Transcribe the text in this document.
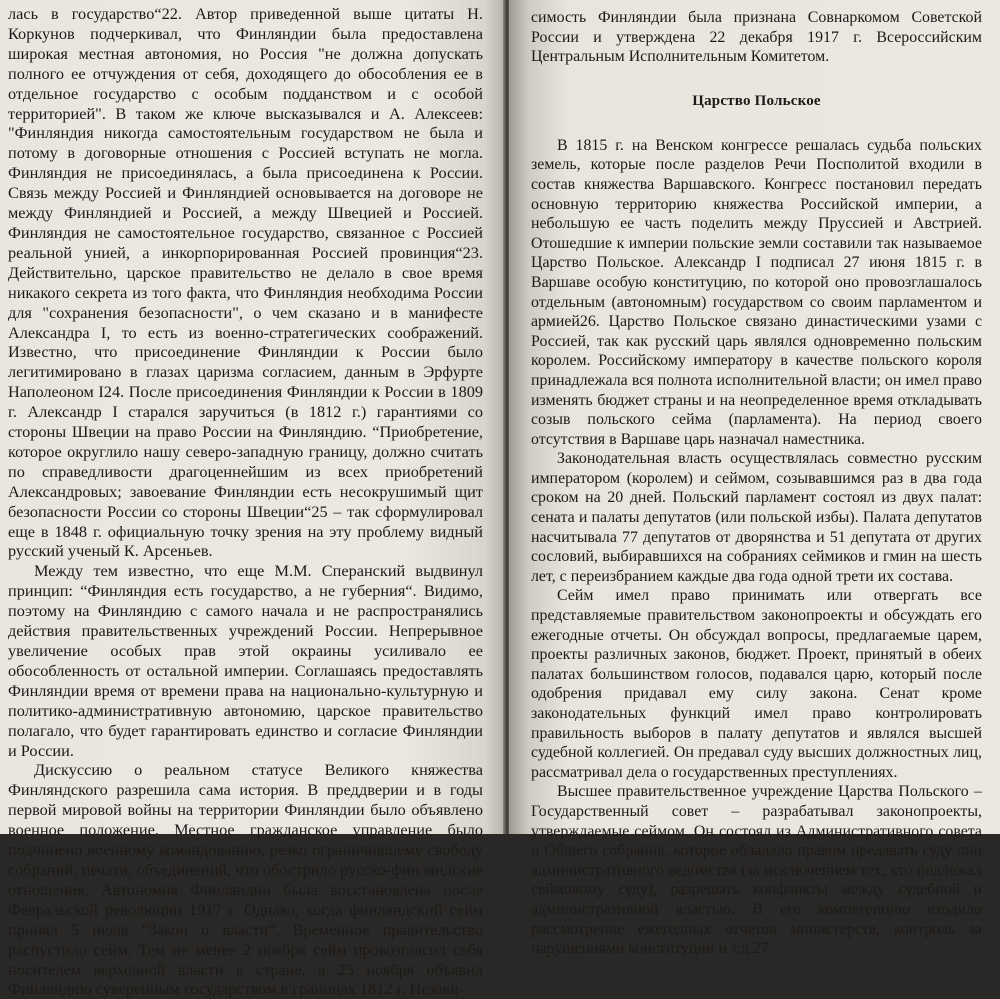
лась в государство“22. Автор приведенной выше цитаты Н. Коркунов подчеркивал, что Финляндии была предоставлена широкая местная автономия, но Россия "не должна допускать полного ее отчуждения от себя, доходящего до обособления ее в отдельное государство с особым подданством и с особой территорией". В таком же ключе высказывался и А. Алексеев: "Финляндия никогда самостоятельным государством не была и потому в договорные отношения с Россией вступать не могла. Финляндия не присоединялась, а была присоединена к России. Связь между Россией и Финляндией основывается на договоре не между Финляндией и Россией, а между Швецией и Россией. Финляндия не самостоятельное государство, связанное с Россией реальной унией, а инкорпорированная Россией провинция“23. Действительно, царское правительство не делало в свое время никакого секрета из того факта, что Финляндия необходима России для "сохранения безопасности", о чем сказано и в манифесте Александра I, то есть из военно-стратегических соображений. Известно, что присоединение Финляндии к России было легитимировано в глазах царизма согласием, данным в Эрфурте Наполеоном I24. После присоединения Финляндии к России в 1809 г. Александр I старался заручиться (в 1812 г.) гарантиями со стороны Швеции на право России на Финляндию. “Приобретение, которое округлило нашу северо-западную границу, должно считать по справедливости драгоценнейшим из всех приобретений Александровых; завоевание Финляндии есть несокрушимый щит безопасности России со стороны Швеции“25 – так сформулировал еще в 1848 г. официальную точку зрения на эту проблему видный русский ученый К. Арсеньев.

Между тем известно, что еще М.М. Сперанский выдвинул принцип: “Финляндия есть государство, а не губерния“. Видимо, поэтому на Финляндию с самого начала и не распространялись действия правительственных учреждений России. Непрерывное увеличение особых прав этой окраины усиливало ее обособленность от остальной империи. Соглашаясь предоставлять Финляндии время от времени права на национально-культурную и политико-административную автономию, царское правительство полагало, что будет гарантировать единство и согласие Финляндии и России.

Дискуссию о реальном статусе Великого княжества Финляндского разрешила сама история. В преддверии и в годы первой мировой войны на территории Финляндии было объявлено военное положение. Местное гражданское управление было подчинено военному командованию, резко ограничившему свободу собраний, печати, объединений, что обострило русско-финляндские отношения. Автономия Финляндии была восстановлена после Февральской революции 1917 г. Однако, когда финляндский сейм принял 5 июля “Закон о власти“, Временное правительство распустило сейм. Тем не менее 2 ноября сейм провозгласил себя носителем верховной власти в стране, а 23 ноября объявил Финляндию суверенным государством в границах 1812 г. Незави-

симость Финляндии была признана Совнаркомом Советской России и утверждена 22 декабря 1917 г. Всероссийским Центральным Исполнительным Комитетом.

Царство Польское

В 1815 г. на Венском конгрессе решалась судьба польских земель, которые после разделов Речи Посполитой входили в состав княжества Варшавского. Конгресс постановил передать основную территорию княжества Российской империи, а небольшую ее часть поделить между Пруссией и Австрией. Отошедшие к империи польские земли составили так называемое Царство Польское. Александр I подписал 27 июня 1815 г. в Варшаве особую конституцию, по которой оно провозглашалось отдельным (автономным) государством со своим парламентом и армией26. Царство Польское связано династическими узами с Россией, так как русский царь являлся одновременно польским королем. Российскому императору в качестве польского короля принадлежала вся полнота исполнительной власти; он имел право изменять бюджет страны и на неопределенное время откладывать созыв польского сейма (парламента). На период своего отсутствия в Варшаве царь назначал наместника.

Законодательная власть осуществлялась совместно русским императором (королем) и сеймом, созывавшимся раз в два года сроком на 20 дней. Польский парламент состоял из двух палат: сената и палаты депутатов (или польской избы). Палата депутатов насчитывала 77 депутатов от дворянства и 51 депутата от других сословий, выбиравшихся на собраниях сеймиков и гмин на шесть лет, с переизбранием каждые два года одной трети их состава.

Сейм имел право принимать или отвергать все представляемые правительством законопроекты и обсуждать его ежегодные отчеты. Он обсуждал вопросы, предлагаемые царем, проекты различных законов, бюджет. Проект, принятый в обеих палатах большинством голосов, подавался царю, который после одобрения придавал ему силу закона. Сенат кроме законодательных функций имел право контролировать правильность выборов в палату депутатов и являлся высшей судебной коллегией. Он предавал суду высших должностных лиц, рассматривал дела о государственных преступлениях.

Высшее правительственное учреждение Царства Польского – Государственный совет – разрабатывал законопроекты, утверждаемые сеймом. Он состоял из Административного совета и Общего собрания, которое обладало правом предавать суду лиц административного ведомства (за исключением тех, кто подлежал сеймовому суду), разрешать конфликты между судебной и административной властью. В его компетенцию входило рассмотрение ежегодных отчетов министерств, контроль за нарушениями конституции и т.д.27
